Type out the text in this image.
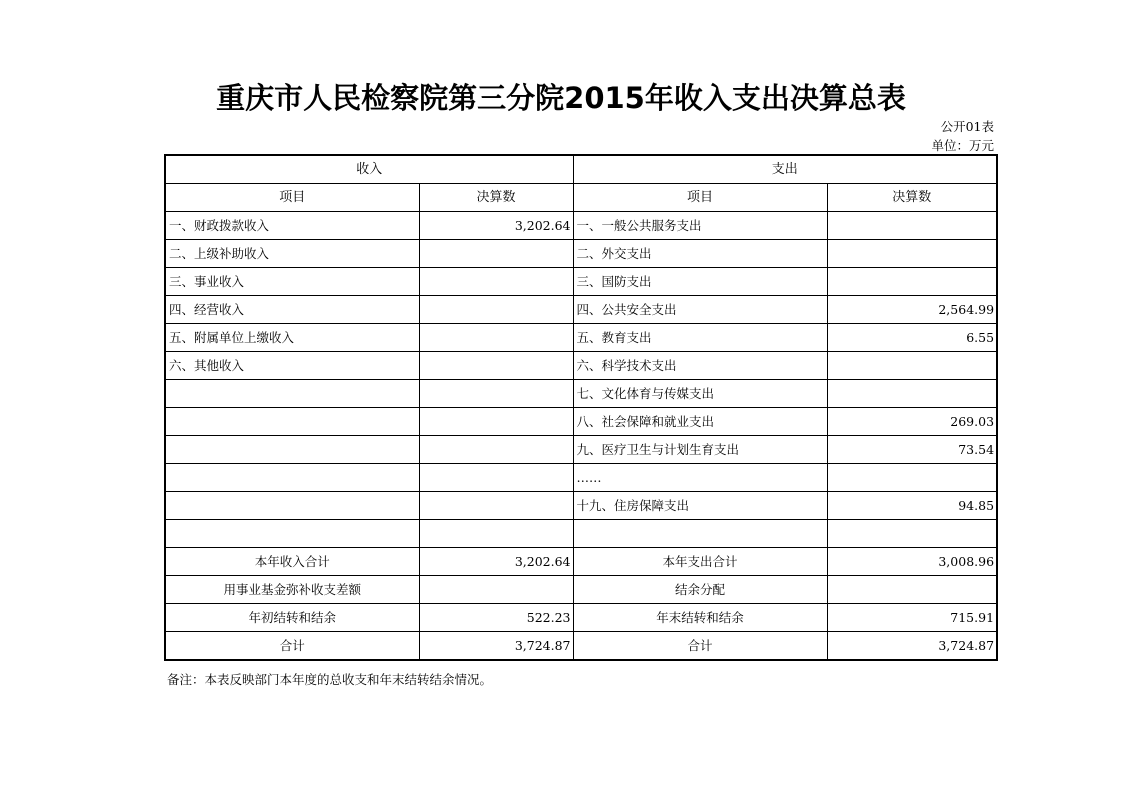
重庆市人民检察院第三分院2015年收入支出决算总表
公开01表
单位：万元
收入		支出	
项目	决算数	项目	决算数
一、财政拨款收入	3,202.64	一、一般公共服务支出	
二、上级补助收入		二、外交支出	
三、事业收入		三、国防支出	
四、经营收入		四、公共安全支出	2,564.99
五、附属单位上缴收入		五、教育支出	6.55
六、其他收入		六、科学技术支出	
		七、文化体育与传媒支出	
		八、社会保障和就业支出	269.03
		九、医疗卫生与计划生育支出	73.54
		……	
		十九、住房保障支出	94.85

本年收入合计	3,202.64	本年支出合计	3,008.96
用事业基金弥补收支差额		结余分配	
年初结转和结余	522.23	年末结转和结余	715.91
合计	3,724.87	合计	3,724.87
备注：本表反映部门本年度的总收支和年末结转结余情况。
